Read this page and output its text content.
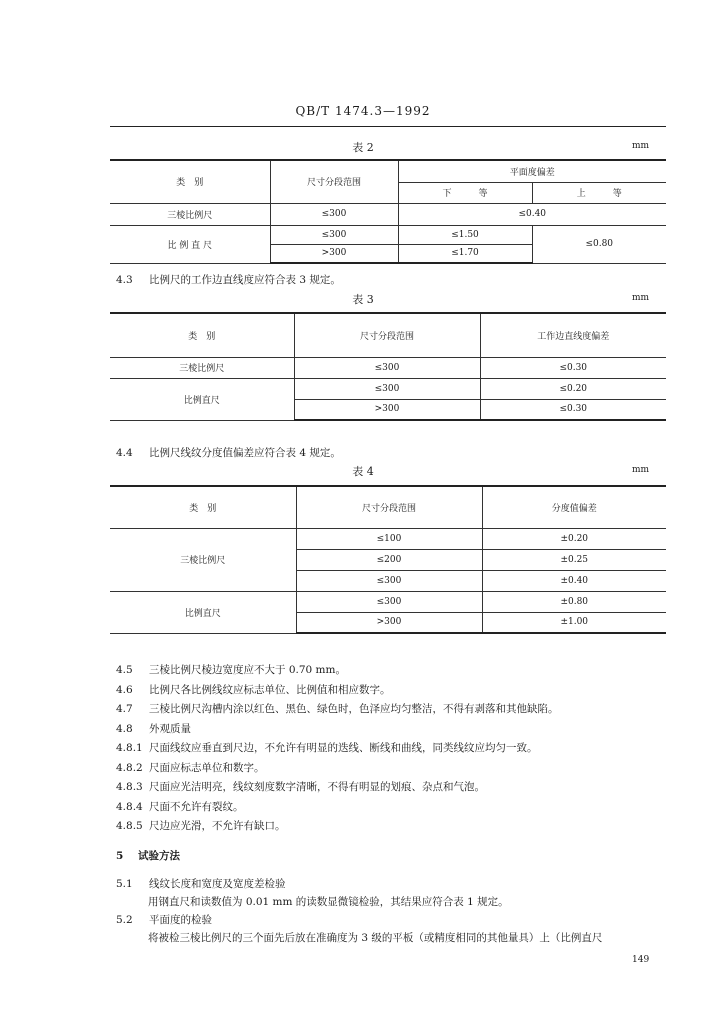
QB/T 1474.3—1992
表 2	mm
类　别	尺寸分段范围	平面度偏差	
		下　　　等	上　　　等
三棱比例尺	≤300	≤0.40	
比 例 直 尺	≤300	≤1.50	≤0.80
	>300	≤1.70	
4.3 比例尺的工作边直线度应符合表 3 规定。
表 3	mm
类　别	尺寸分段范围	工作边直线度偏差
三棱比例尺	≤300	≤0.30
比例直尺	≤300	≤0.20
	>300	≤0.30
4.4 比例尺线纹分度值偏差应符合表 4 规定。
表 4	mm
类　别	尺寸分段范围	分度值偏差
三棱比例尺	≤100	±0.20
	≤200	±0.25
	≤300	±0.40
比例直尺	≤300	±0.80
	>300	±1.00
4.5 三棱比例尺棱边宽度应不大于 0.70 mm。
4.6 比例尺各比例线纹应标志单位、比例值和相应数字。
4.7 三棱比例尺沟槽内涂以红色、黑色、绿色时，色泽应均匀整洁，不得有剥落和其他缺陷。
4.8 外观质量
4.8.1 尺面线纹应垂直到尺边，不允许有明显的迭线、断线和曲线，同类线纹应均匀一致。
4.8.2 尺面应标志单位和数字。
4.8.3 尺面应光洁明亮，线纹刻度数字清晰，不得有明显的划痕、杂点和气泡。
4.8.4 尺面不允许有裂纹。
4.8.5 尺边应光滑，不允许有缺口。
5 试验方法
5.1 线纹长度和宽度及宽度差检验
用钢直尺和读数值为 0.01 mm 的读数显微镜检验，其结果应符合表 1 规定。
5.2 平面度的检验
将被检三棱比例尺的三个面先后放在准确度为 3 级的平板（或精度相同的其他量具）上（比例直尺
149
